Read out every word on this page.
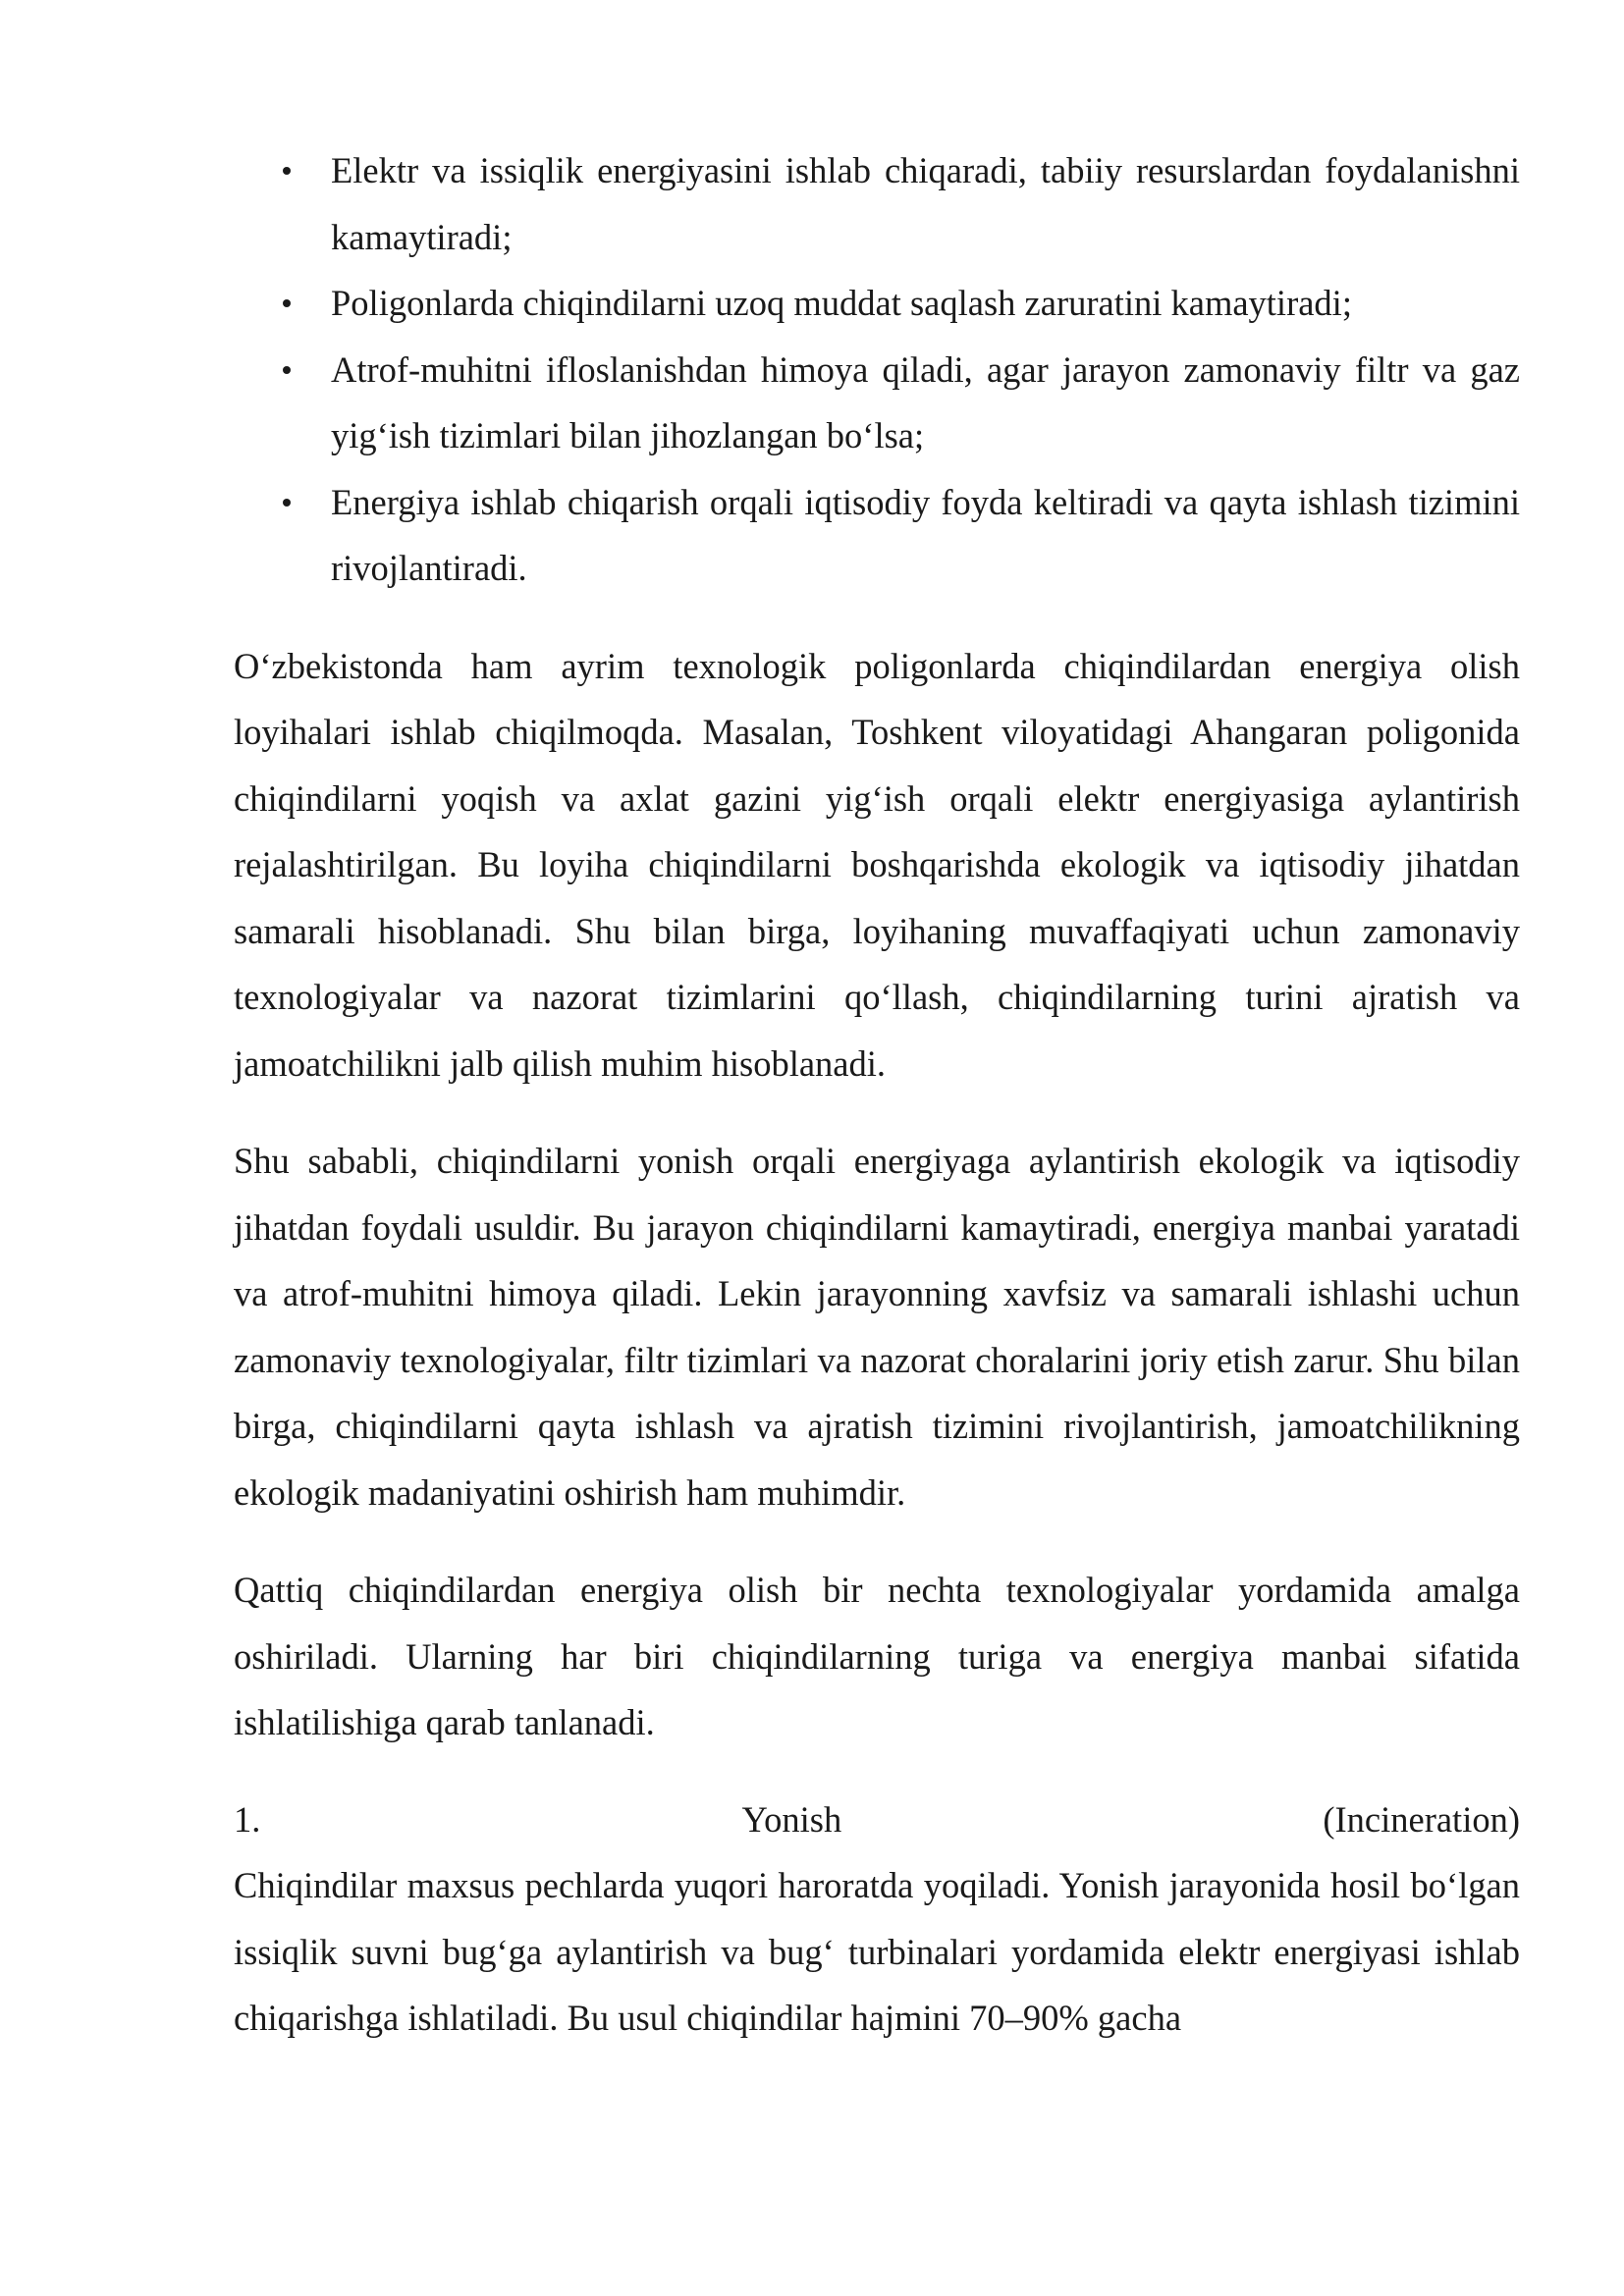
Elektr va issiqlik energiyasini ishlab chiqaradi, tabiiy resurslardan foydalanishni kamaytiradi;
Poligonlarda chiqindilarni uzoq muddat saqlash zaruratini kamaytiradi;
Atrof-muhitni ifloslanishdan himoya qiladi, agar jarayon zamonaviy filtr va gaz yig‘ish tizimlari bilan jihozlangan bo‘lsa;
Energiya ishlab chiqarish orqali iqtisodiy foyda keltiradi va qayta ishlash tizimini rivojlantiradi.

O‘zbekistonda ham ayrim texnologik poligonlarda chiqindilardan energiya olish loyihalari ishlab chiqilmoqda. Masalan, Toshkent viloyatidagi Ahangaran poligonida chiqindilarni yoqish va axlat gazini yig‘ish orqali elektr energiyasiga aylantirish rejalashtirilgan. Bu loyiha chiqindilarni boshqarishda ekologik va iqtisodiy jihatdan samarali hisoblanadi. Shu bilan birga, loyihaning muvaffaqiyati uchun zamonaviy texnologiyalar va nazorat tizimlarini qo‘llash, chiqindilarning turini ajratish va jamoatchilikni jalb qilish muhim hisoblanadi.

Shu sababli, chiqindilarni yonish orqali energiyaga aylantirish ekologik va iqtisodiy jihatdan foydali usuldir. Bu jarayon chiqindilarni kamaytiradi, energiya manbai yaratadi va atrof-muhitni himoya qiladi. Lekin jarayonning xavfsiz va samarali ishlashi uchun zamonaviy texnologiyalar, filtr tizimlari va nazorat choralarini joriy etish zarur. Shu bilan birga, chiqindilarni qayta ishlash va ajratish tizimini rivojlantirish, jamoatchilikning ekologik madaniyatini oshirish ham muhimdir.

Qattiq chiqindilardan energiya olish bir nechta texnologiyalar yordamida amalga oshiriladi. Ularning har biri chiqindilarning turiga va energiya manbai sifatida ishlatilishiga qarab tanlanadi.

1.	Yonish	(Incineration)

Chiqindilar maxsus pechlarda yuqori haroratda yoqiladi. Yonish jarayonida hosil bo‘lgan issiqlik suvni bug‘ga aylantirish va bug‘ turbinalari yordamida elektr energiyasi ishlab chiqarishga ishlatiladi. Bu usul chiqindilar hajmini 70–90% gacha
